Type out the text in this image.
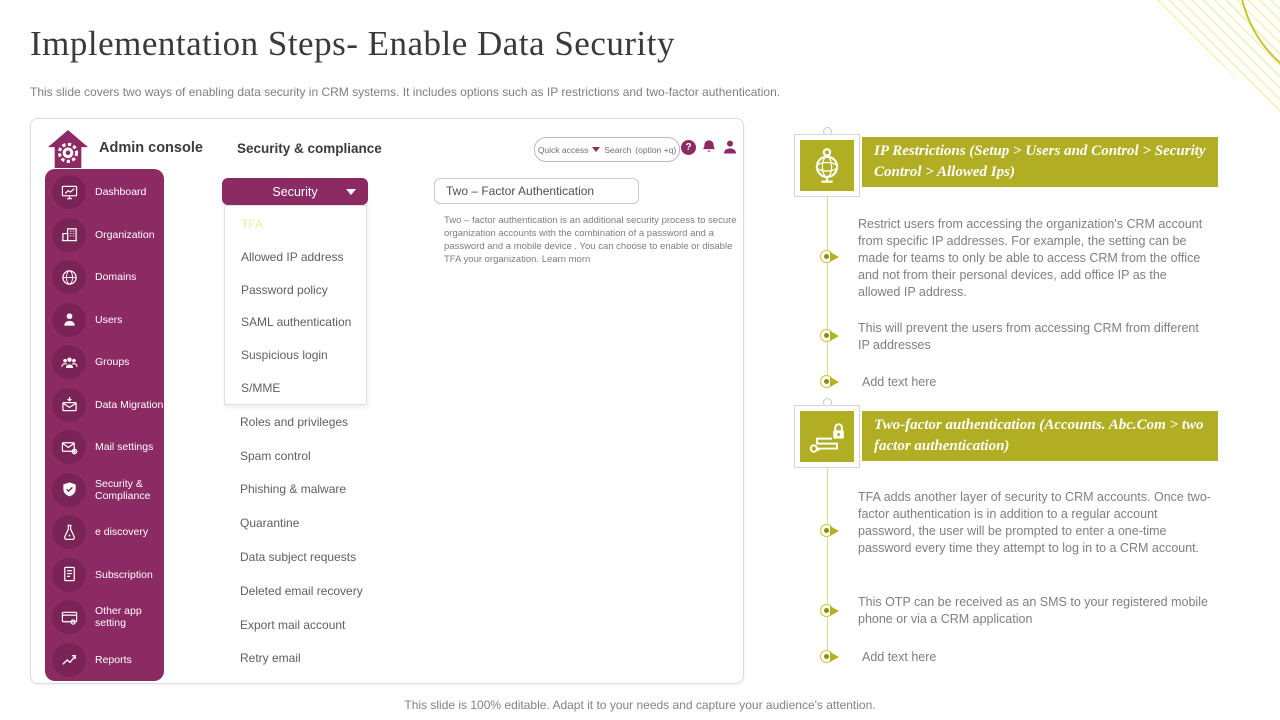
Implementation Steps- Enable Data Security
This slide covers two ways of enabling data security in CRM systems. It includes options such as IP restrictions and two-factor authentication.
Admin console	Security & compliance	Quick access Search (option +q) ?
Dashboard
Organization
Domains
Users
Groups
Data Migration
Mail settings
Security & Compliance
e discovery
Subscription
Other app setting
Reports
Security
TFA
Allowed IP address
Password policy
SAML authentication
Suspicious login
S/MME
Roles and privileges
Spam control
Phishing & malware
Quarantine
Data subject requests
Deleted email recovery
Export mail account
Retry email
Two – Factor Authentication
Two – factor authentication is an additional security process to secure organization accounts with the combination of a password and a password and a mobile device . You can choose to enable or disable TFA your organization. Learn morn
IP Restrictions (Setup > Users and Control > Security Control > Allowed Ips)
Restrict users from accessing the organization's CRM account from specific IP addresses. For example, the setting can be made for teams to only be able to access CRM from the office and not from their personal devices, add office IP as the allowed IP address.
This will prevent the users from accessing CRM from different IP addresses
Add text here
Two-factor authentication (Accounts. Abc.Com > two factor authentication)
TFA adds another layer of security to CRM accounts. Once two-factor authentication is in addition to a regular account password, the user will be prompted to enter a one-time password every time they attempt to log in to a CRM account.
This OTP can be received as an SMS to your registered mobile phone or via a CRM application
Add text here
This slide is 100% editable. Adapt it to your needs and capture your audience's attention.
